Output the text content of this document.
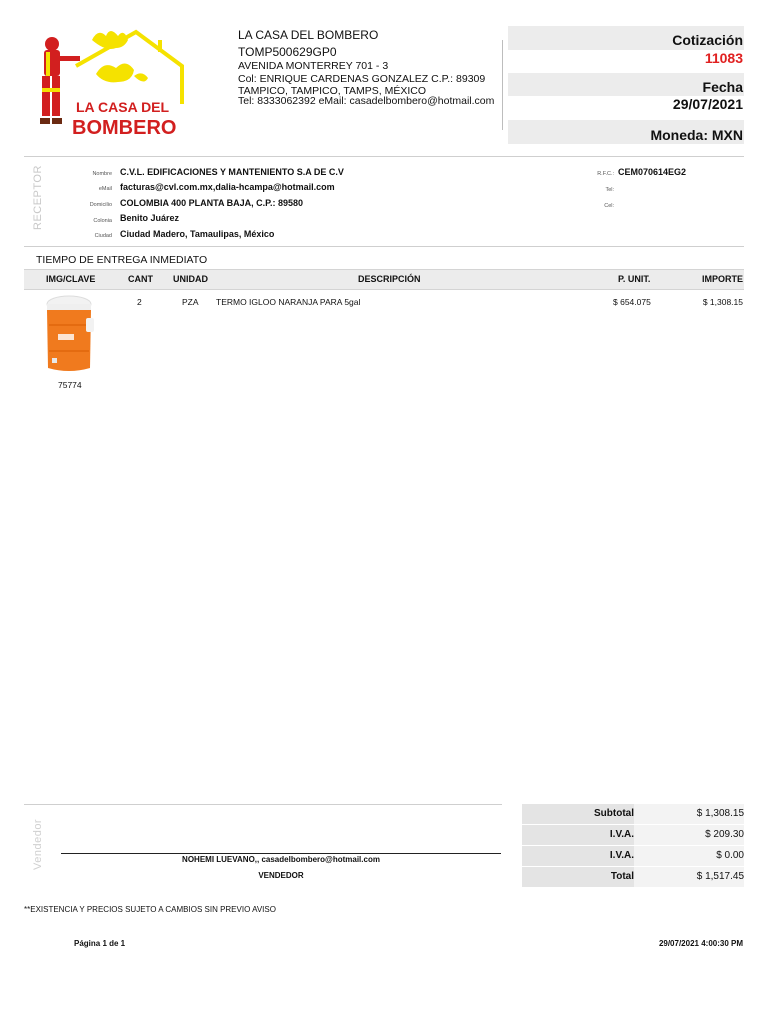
LA CASA DEL
BOMBERO
LA CASA DEL BOMBERO
TOMP500629GP0
AVENIDA MONTERREY 701 - 3
Col: ENRIQUE CARDENAS GONZALEZ C.P.: 89309
TAMPICO, TAMPICO, TAMPS, MÉXICO
Tel: 8333062392 eMail: casadelbombero@hotmail.com
Cotización
11083
Fecha
29/07/2021
Moneda: MXN
RECEPTOR	Nombre C.V.L. EDIFICACIONES Y MANTENIENTO S.A DE C.V
eMail facturas@cvl.com.mx,dalia-hcampa@hotmail.com
Domicilio COLOMBIA 400 PLANTA BAJA, C.P.: 89580
Colonia Benito Juárez
Ciudad Ciudad Madero, Tamaulipas, México
R.F.C.: CEM070614EG2
Tel:
Cel:
TIEMPO DE ENTREGA INMEDIATO
IMG/CLAVE	CANT UNIDAD	DESCRIPCIÓN	P. UNIT.	IMPORTE
75774
2	PZA TERMO IGLOO NARANJA PARA 5gal	$ 654.075	$ 1,308.15
Vendedor	NOHEMI LUEVANO,, casadelbombero@hotmail.com
VENDEDOR
Subtotal	$ 1,308.15
I.V.A.	$ 209.30
I.V.A.	$ 0.00
Total	$ 1,517.45
**EXISTENCIA Y PRECIOS SUJETO A CAMBIOS SIN PREVIO AVISO
Página 1 de 1	29/07/2021 4:00:30 PM
